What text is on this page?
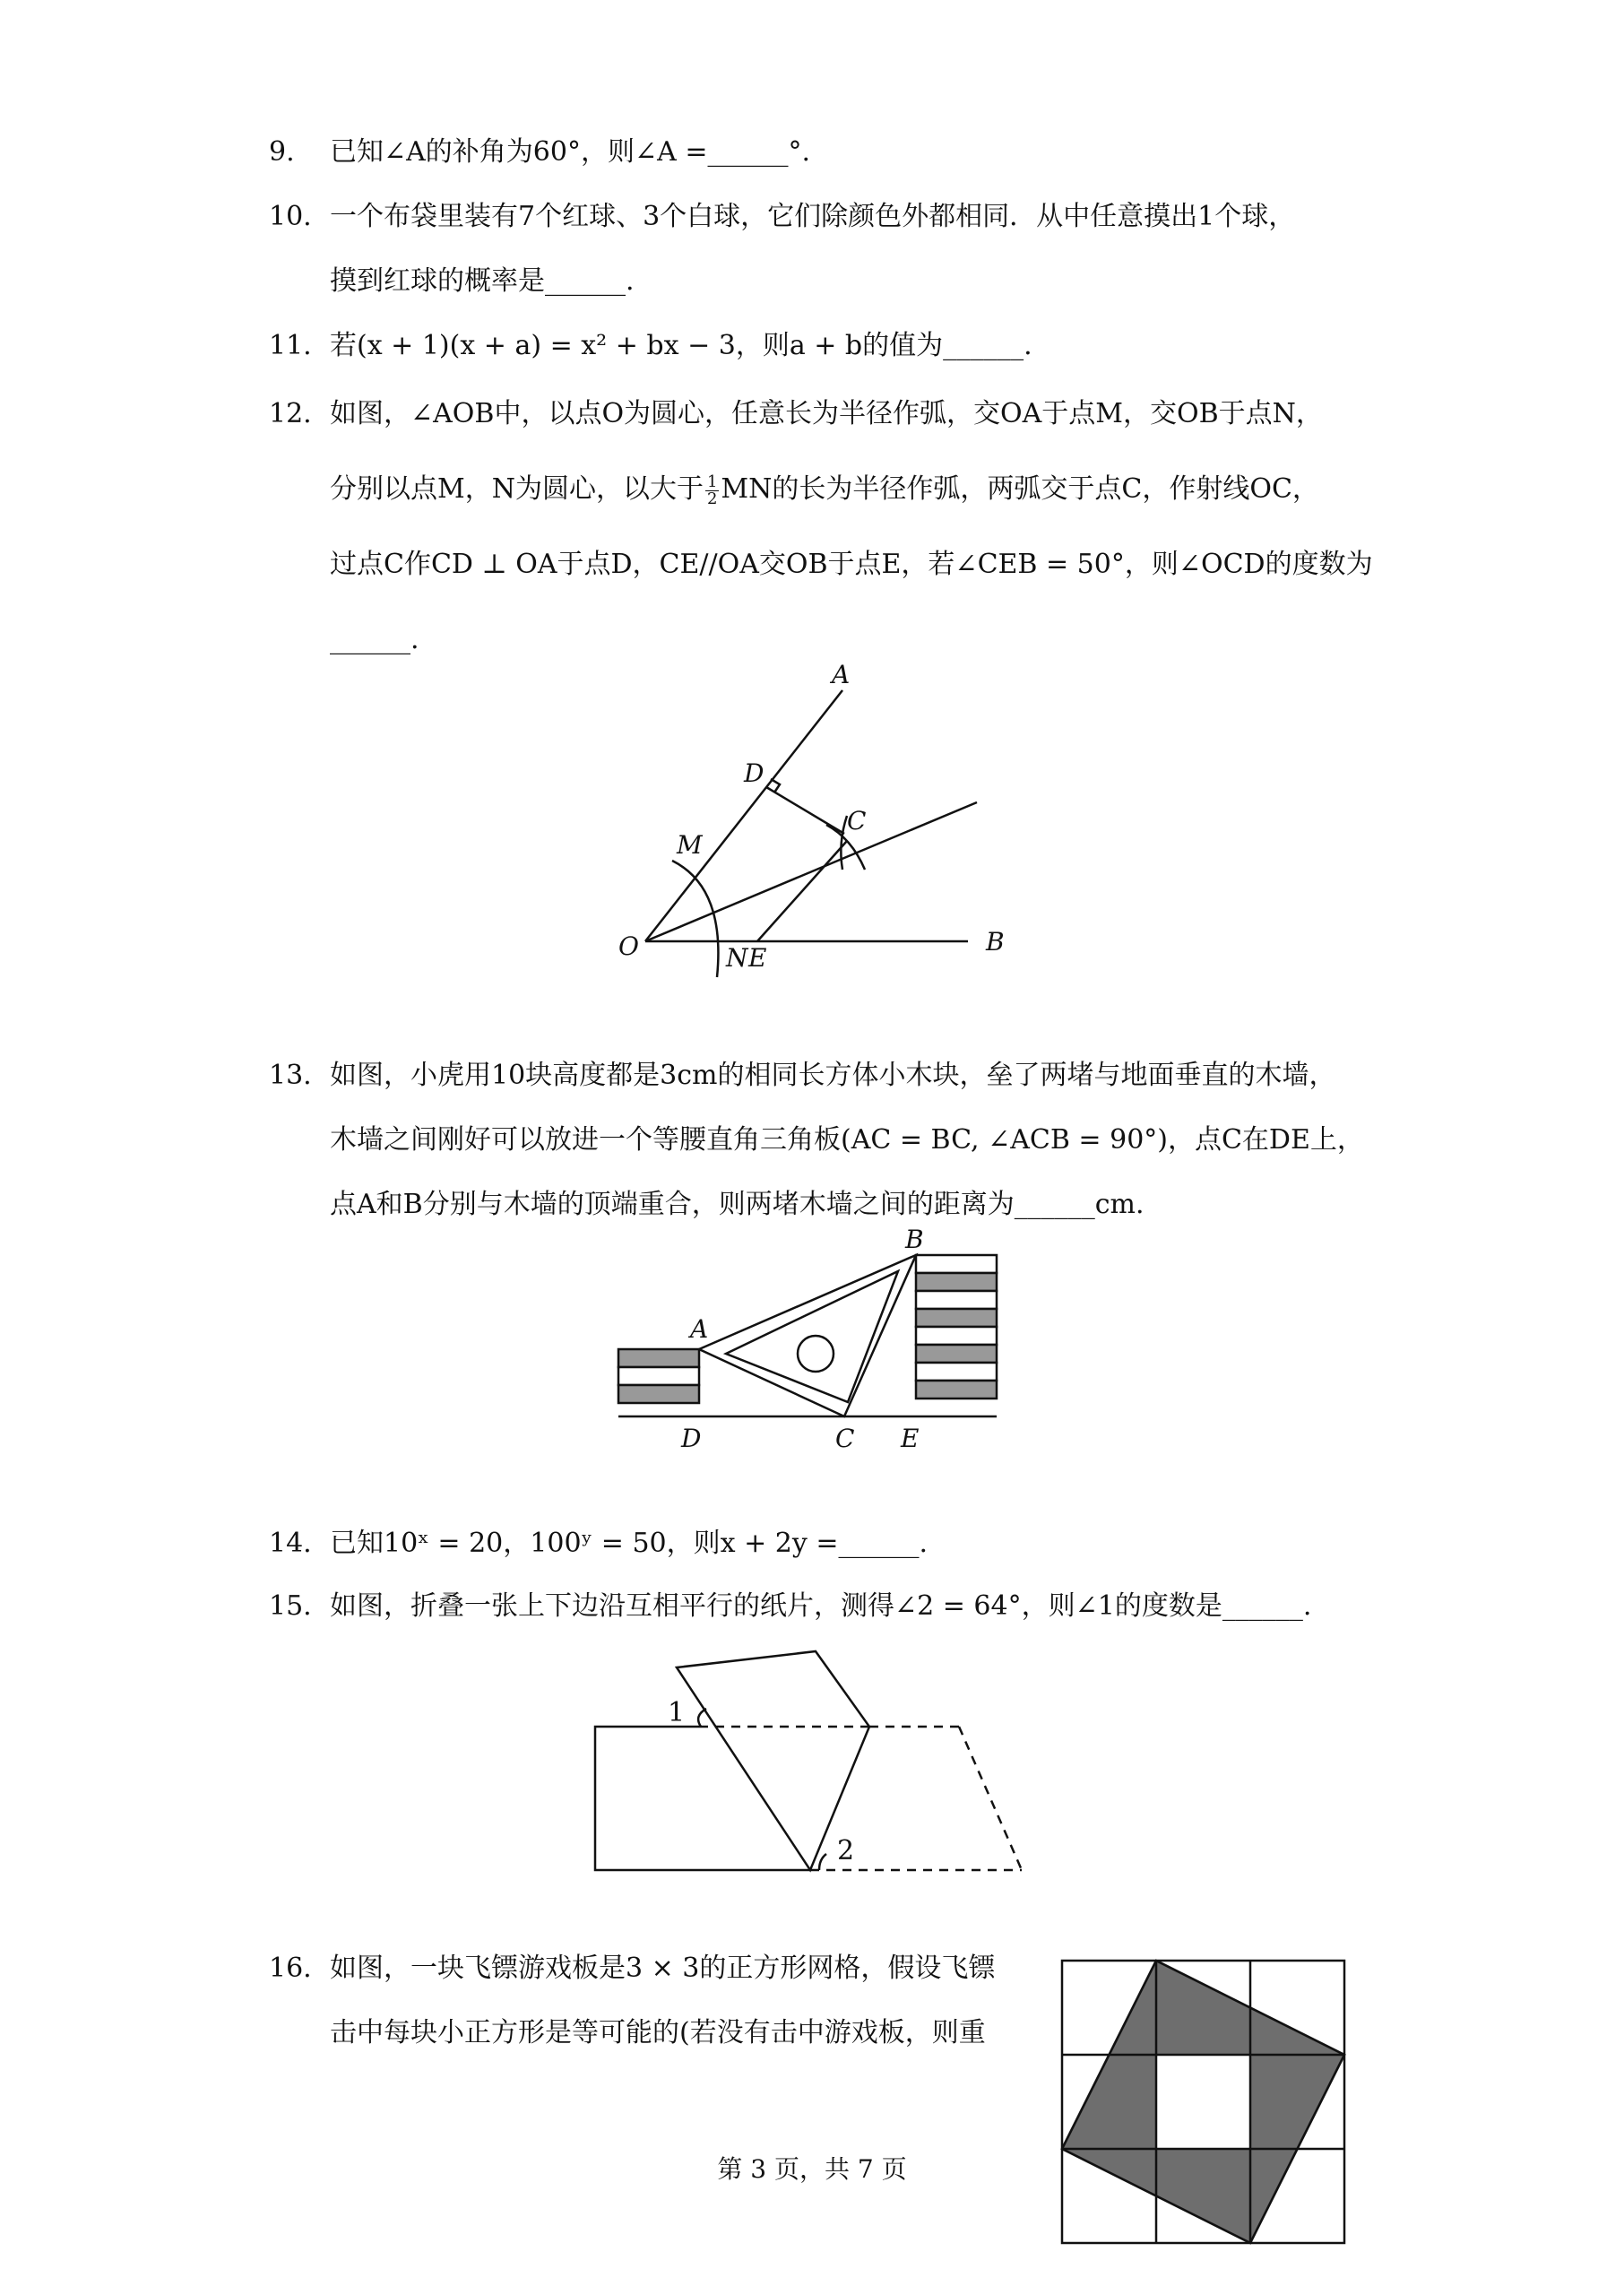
9.	已知∠A的补角为60°，则∠A =______°.
10. 一个布袋里装有7个红球、3个白球，它们除颜色外都相同．从中任意摸出1个球，
摸到红球的概率是______.
11. 若(x + 1)(x + a) = x² + bx − 3，则a + b的值为______.
12. 如图，∠AOB中，以点O为圆心，任意长为半径作弧，交OA于点M，交OB于点N，
分别以点M，N为圆心，以大于 $\frac{1}{2}$ MN的长为半径作弧，两弧交于点C，作射线OC，
过点C作CD ⊥ OA于点D，CE//OA交OB于点E，若∠CEB = 50°，则∠OCD的度数为
______.
A
D
C
M
O	N E
B
13. 如图，小虎用10块高度都是3cm的相同长方体小木块，垒了两堵与地面垂直的木墙，
木墙之间刚好可以放进一个等腰直角三角板(AC = BC, ∠ACB = 90°)，点C在DE上，
点A和B分别与木墙的顶端重合，则两堵木墙之间的距离为______cm.
B
A
D	C E
14. 已知10ˣ = 20，100ʸ = 50，则x + 2y =______.
15. 如图，折叠一张上下边沿互相平行的纸片，测得∠2 = 64°，则∠1的度数是______.
1
2
16. 如图，一块飞镖游戏板是3 × 3的正方形网格，假设飞镖
击中每块小正方形是等可能的(若没有击中游戏板，则重
第 3 页，共 7 页
